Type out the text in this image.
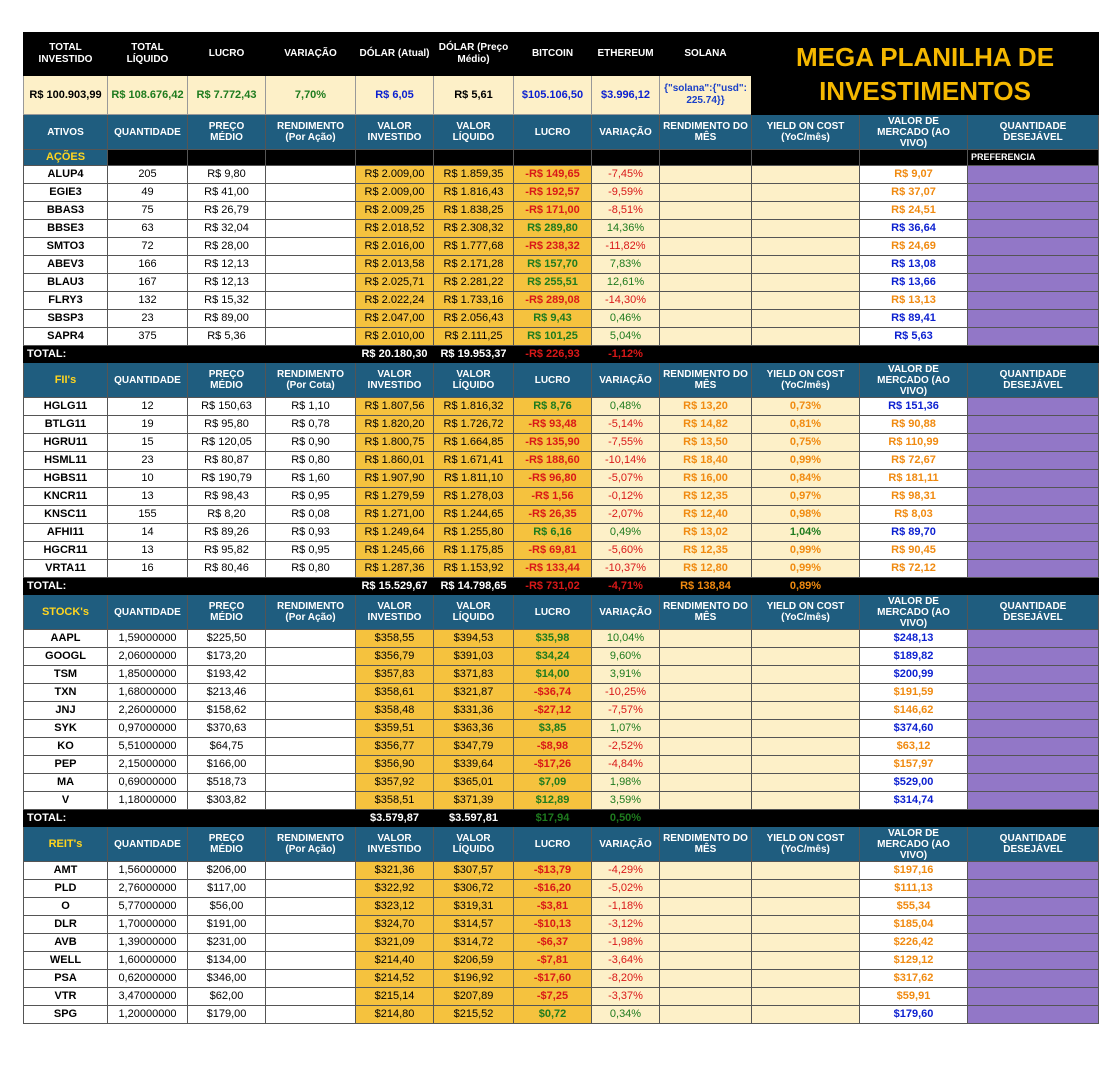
TOTAL INVESTIDO	TOTAL LÍQUIDO	LUCRO	VARIAÇÃO	DÓLAR (Atual)	DÓLAR (Preço Médio)	BITCOIN	ETHEREUM	SOLANA	MEGA PLANILHA DE INVESTIMENTOS		
R$ 100.903,99	R$ 108.676,42	R$ 7.772,43	7,70%	R$ 6,05	R$ 5,61	$105.106,50	$3.996,12	{"solana":{"usd": 225.74}}			
ATIVOS	QUANTIDADE	PREÇO MÉDIO	RENDIMENTO (Por Ação)	VALOR INVESTIDO	VALOR LÍQUIDO	LUCRO	VARIAÇÃO	RENDIMENTO DO MÊS	YIELD ON COST (YoC/mês)	VALOR DE MERCADO (AO VIVO)	QUANTIDADE DESEJÁVEL
AÇÕES											PREFERENCIA
ALUP4	205	R$ 9,80		R$ 2.009,00	R$ 1.859,35	-R$ 149,65	-7,45%			R$ 9,07	
EGIE3	49	R$ 41,00		R$ 2.009,00	R$ 1.816,43	-R$ 192,57	-9,59%			R$ 37,07	
BBAS3	75	R$ 26,79		R$ 2.009,25	R$ 1.838,25	-R$ 171,00	-8,51%			R$ 24,51	
BBSE3	63	R$ 32,04		R$ 2.018,52	R$ 2.308,32	R$ 289,80	14,36%			R$ 36,64	
SMTO3	72	R$ 28,00		R$ 2.016,00	R$ 1.777,68	-R$ 238,32	-11,82%			R$ 24,69	
ABEV3	166	R$ 12,13		R$ 2.013,58	R$ 2.171,28	R$ 157,70	7,83%			R$ 13,08	
BLAU3	167	R$ 12,13		R$ 2.025,71	R$ 2.281,22	R$ 255,51	12,61%			R$ 13,66	
FLRY3	132	R$ 15,32		R$ 2.022,24	R$ 1.733,16	-R$ 289,08	-14,30%			R$ 13,13	
SBSP3	23	R$ 89,00		R$ 2.047,00	R$ 2.056,43	R$ 9,43	0,46%			R$ 89,41	
SAPR4	375	R$ 5,36		R$ 2.010,00	R$ 2.111,25	R$ 101,25	5,04%			R$ 5,63	
TOTAL:				R$ 20.180,30	R$ 19.953,37	-R$ 226,93	-1,12%				
FII's	QUANTIDADE	PREÇO MÉDIO	RENDIMENTO (Por Cota)	VALOR INVESTIDO	VALOR LÍQUIDO	LUCRO	VARIAÇÃO	RENDIMENTO DO MÊS	YIELD ON COST (YoC/mês)	VALOR DE MERCADO (AO VIVO)	QUANTIDADE DESEJÁVEL
HGLG11	12	R$ 150,63	R$ 1,10	R$ 1.807,56	R$ 1.816,32	R$ 8,76	0,48%	R$ 13,20	0,73%	R$ 151,36	
BTLG11	19	R$ 95,80	R$ 0,78	R$ 1.820,20	R$ 1.726,72	-R$ 93,48	-5,14%	R$ 14,82	0,81%	R$ 90,88	
HGRU11	15	R$ 120,05	R$ 0,90	R$ 1.800,75	R$ 1.664,85	-R$ 135,90	-7,55%	R$ 13,50	0,75%	R$ 110,99	
HSML11	23	R$ 80,87	R$ 0,80	R$ 1.860,01	R$ 1.671,41	-R$ 188,60	-10,14%	R$ 18,40	0,99%	R$ 72,67	
HGBS11	10	R$ 190,79	R$ 1,60	R$ 1.907,90	R$ 1.811,10	-R$ 96,80	-5,07%	R$ 16,00	0,84%	R$ 181,11	
KNCR11	13	R$ 98,43	R$ 0,95	R$ 1.279,59	R$ 1.278,03	-R$ 1,56	-0,12%	R$ 12,35	0,97%	R$ 98,31	
KNSC11	155	R$ 8,20	R$ 0,08	R$ 1.271,00	R$ 1.244,65	-R$ 26,35	-2,07%	R$ 12,40	0,98%	R$ 8,03	
AFHI11	14	R$ 89,26	R$ 0,93	R$ 1.249,64	R$ 1.255,80	R$ 6,16	0,49%	R$ 13,02	1,04%	R$ 89,70	
HGCR11	13	R$ 95,82	R$ 0,95	R$ 1.245,66	R$ 1.175,85	-R$ 69,81	-5,60%	R$ 12,35	0,99%	R$ 90,45	
VRTA11	16	R$ 80,46	R$ 0,80	R$ 1.287,36	R$ 1.153,92	-R$ 133,44	-10,37%	R$ 12,80	0,99%	R$ 72,12	
TOTAL:				R$ 15.529,67	R$ 14.798,65	-R$ 731,02	-4,71%	R$ 138,84	0,89%		
STOCK's	QUANTIDADE	PREÇO MÉDIO	RENDIMENTO (Por Ação)	VALOR INVESTIDO	VALOR LÍQUIDO	LUCRO	VARIAÇÃO	RENDIMENTO DO MÊS	YIELD ON COST (YoC/mês)	VALOR DE MERCADO (AO VIVO)	QUANTIDADE DESEJÁVEL
AAPL	1,59000000	$225,50		$358,55	$394,53	$35,98	10,04%			$248,13	
GOOGL	2,06000000	$173,20		$356,79	$391,03	$34,24	9,60%			$189,82	
TSM	1,85000000	$193,42		$357,83	$371,83	$14,00	3,91%			$200,99	
TXN	1,68000000	$213,46		$358,61	$321,87	-$36,74	-10,25%			$191,59	
JNJ	2,26000000	$158,62		$358,48	$331,36	-$27,12	-7,57%			$146,62	
SYK	0,97000000	$370,63		$359,51	$363,36	$3,85	1,07%			$374,60	
KO	5,51000000	$64,75		$356,77	$347,79	-$8,98	-2,52%			$63,12	
PEP	2,15000000	$166,00		$356,90	$339,64	-$17,26	-4,84%			$157,97	
MA	0,69000000	$518,73		$357,92	$365,01	$7,09	1,98%			$529,00	
V	1,18000000	$303,82		$358,51	$371,39	$12,89	3,59%			$314,74	
TOTAL:				$3.579,87	$3.597,81	$17,94	0,50%				
REIT's	QUANTIDADE	PREÇO MÉDIO	RENDIMENTO (Por Ação)	VALOR INVESTIDO	VALOR LÍQUIDO	LUCRO	VARIAÇÃO	RENDIMENTO DO MÊS	YIELD ON COST (YoC/mês)	VALOR DE MERCADO (AO VIVO)	QUANTIDADE DESEJÁVEL
AMT	1,56000000	$206,00		$321,36	$307,57	-$13,79	-4,29%			$197,16	
PLD	2,76000000	$117,00		$322,92	$306,72	-$16,20	-5,02%			$111,13	
O	5,77000000	$56,00		$323,12	$319,31	-$3,81	-1,18%			$55,34	
DLR	1,70000000	$191,00		$324,70	$314,57	-$10,13	-3,12%			$185,04	
AVB	1,39000000	$231,00		$321,09	$314,72	-$6,37	-1,98%			$226,42	
WELL	1,60000000	$134,00		$214,40	$206,59	-$7,81	-3,64%			$129,12	
PSA	0,62000000	$346,00		$214,52	$196,92	-$17,60	-8,20%			$317,62	
VTR	3,47000000	$62,00		$215,14	$207,89	-$7,25	-3,37%			$59,91	
SPG	1,20000000	$179,00		$214,80	$215,52	$0,72	0,34%			$179,60	
